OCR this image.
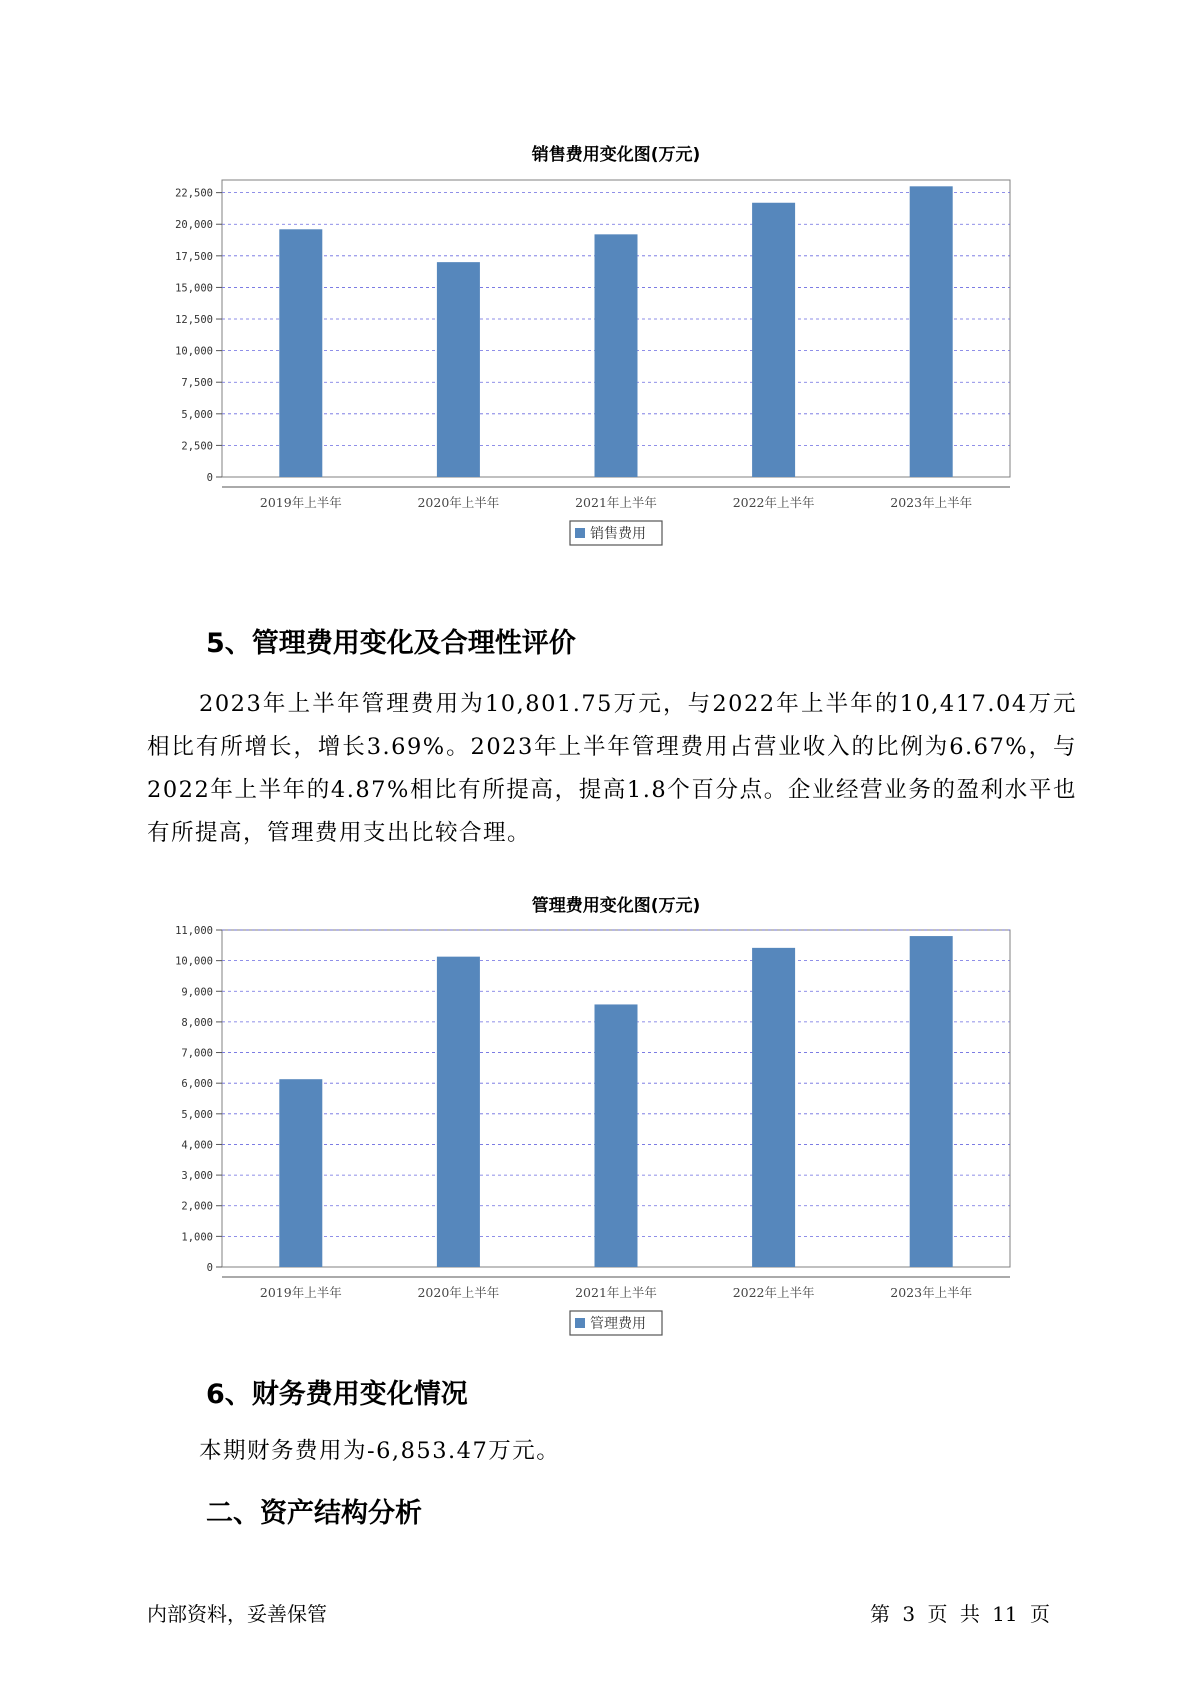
销售费用变化图(万元)
0
2,500
5,000
7,500
10,000
12,500
15,000
17,500
20,000
22,500
2019年上半年	2020年上半年	2021年上半年	2022年上半年	2023年上半年
销售费用
5、管理费用变化及合理性评价

2023年上半年管理费用为10,801.75万元，与2022年上半年的10,417.04万元相比有所增长，增长3.69%。2023年上半年管理费用占营业收入的比例为6.67%，与2022年上半年的4.87%相比有所提高，提高1.8个百分点。企业经营业务的盈利水平也有所提高，管理费用支出比较合理。

管理费用变化图(万元)
0
1,000
2,000
3,000
4,000
5,000
6,000
7,000
8,000
9,000
10,000
11,000
2019年上半年	2020年上半年	2021年上半年	2022年上半年	2023年上半年
管理费用
6、财务费用变化情况

本期财务费用为-6,853.47万元。

二、资产结构分析
内部资料，妥善保管	第 3 页 共 11 页
